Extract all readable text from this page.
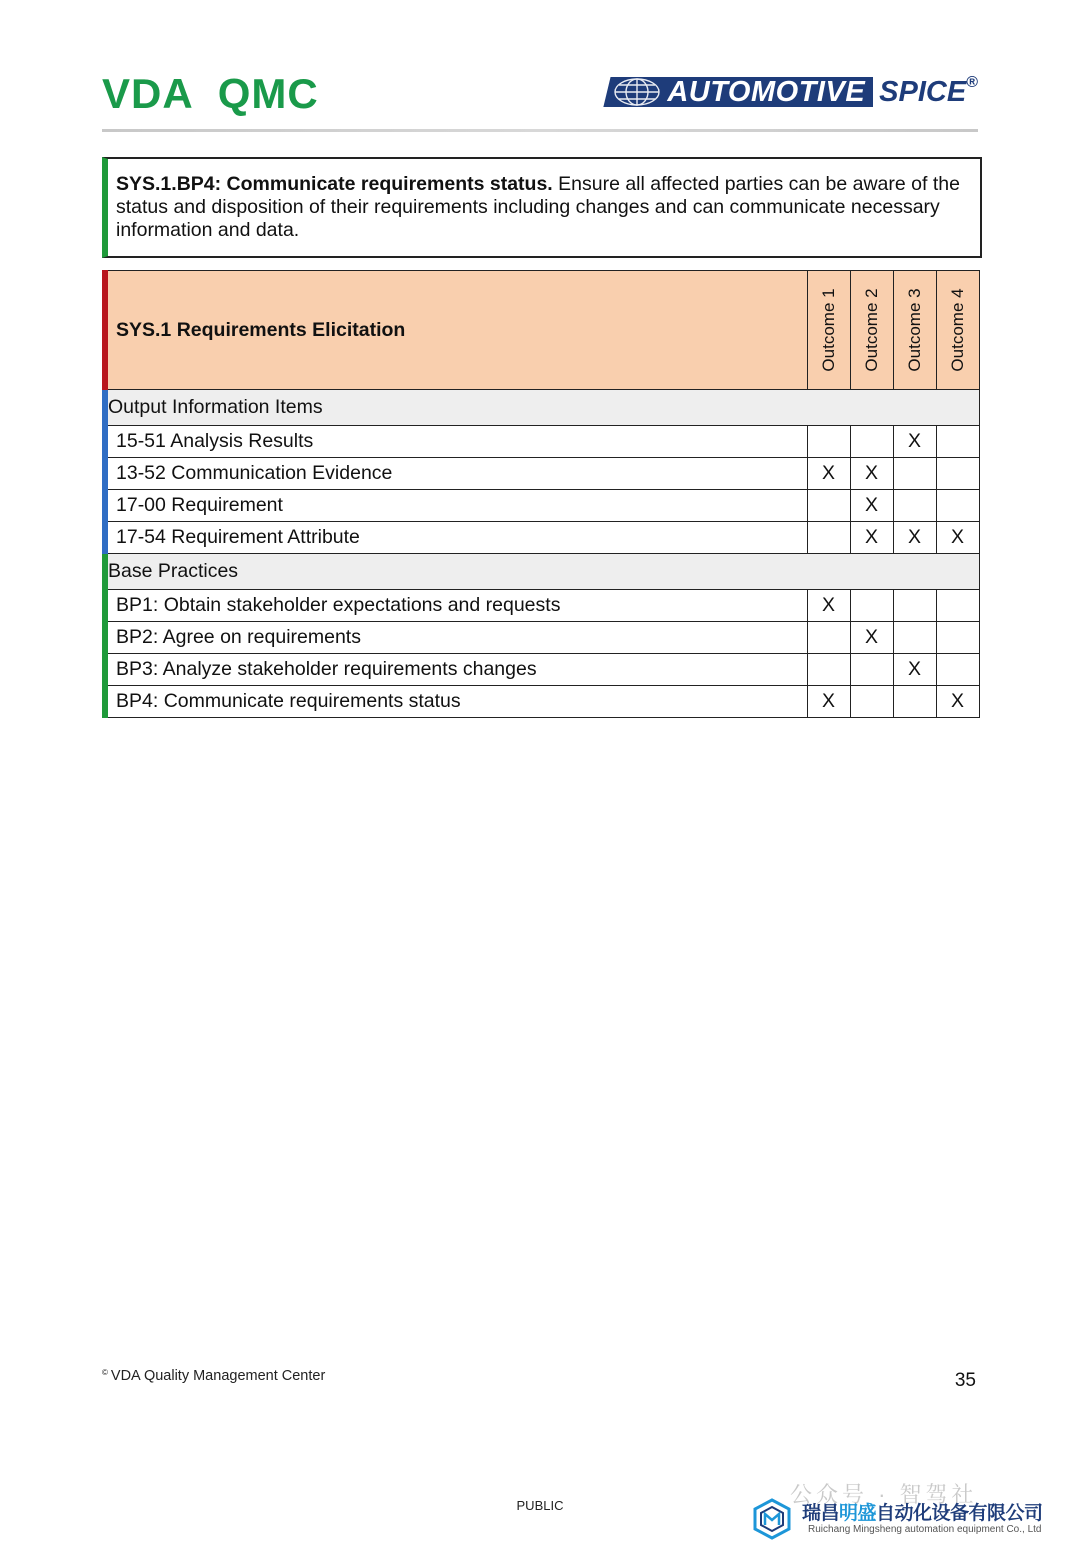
VDA QMC	AUTOMOTIVE SPICE ®
SYS.1.BP4: Communicate requirements status. Ensure all affected parties can be aware of the status and disposition of their requirements including changes and can communicate necessary information and data.
SYS.1 Requirements Elicitation	Outcome 1	Outcome 2	Outcome 3	Outcome 4

Output Information Items				
15-51 Analysis Results			X	
13-52 Communication Evidence	X	X		
17-00 Requirement		X		
17-54 Requirement Attribute		X	X	X
Base Practices				
BP1: Obtain stakeholder expectations and requests	X			
BP2: Agree on requirements		X		
BP3: Analyze stakeholder requirements changes			X	
BP4: Communicate requirements status	X			X
© VDA Quality Management Center	35
PUBLIC	公众号 · 智驾社
瑞昌明盛自动化设备有限公司
Ruichang Mingsheng automation equipment Co., Ltd
